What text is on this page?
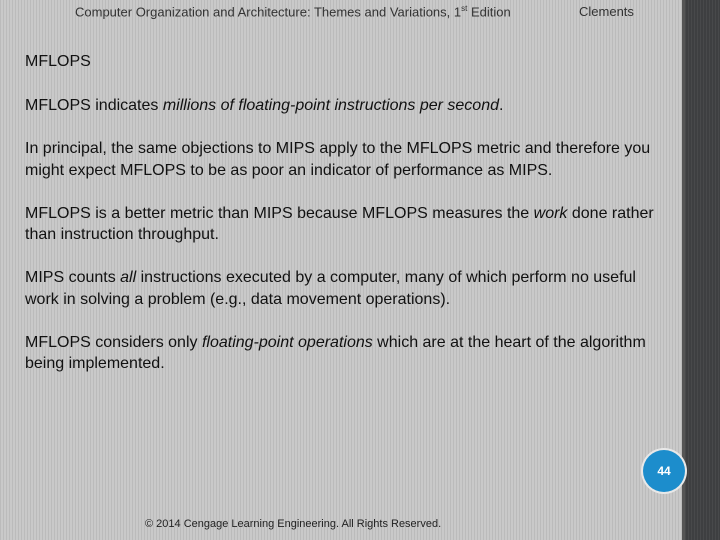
Computer Organization and Architecture: Themes and Variations, 1st Edition	Clements
MFLOPS

MFLOPS indicates millions of floating-point instructions per second.

In principal, the same objections to MIPS apply to the MFLOPS metric and therefore you might expect MFLOPS to be as poor an indicator of performance as MIPS.

MFLOPS is a better metric than MIPS because MFLOPS measures the work done rather than instruction throughput.

MIPS counts all instructions executed by a computer, many of which perform no useful work in solving a problem (e.g., data movement operations).

MFLOPS considers only floating-point operations which are at the heart of the algorithm being implemented.

44
© 2014 Cengage Learning Engineering. All Rights Reserved.
